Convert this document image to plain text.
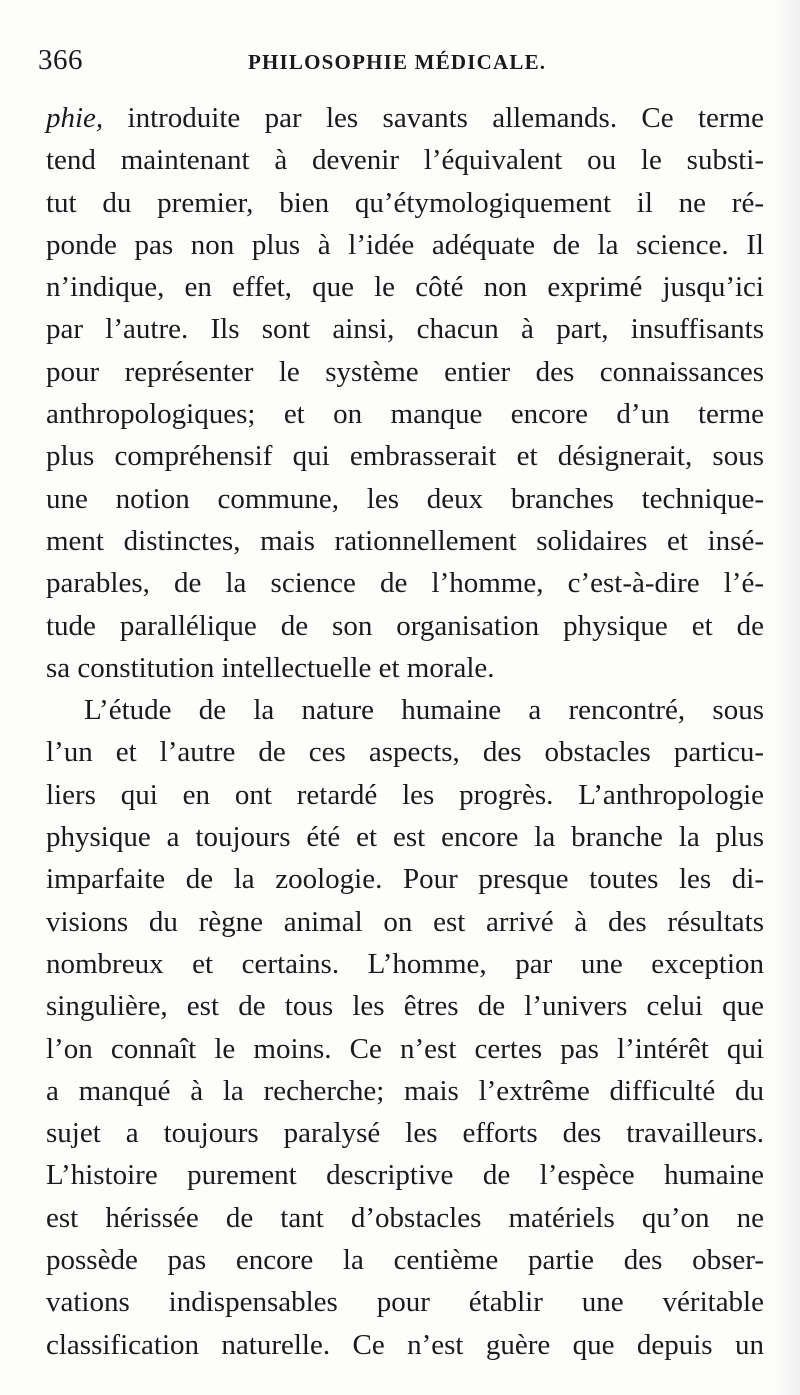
366	PHILOSOPHIE MÉDICALE.
phie, introduite par les savants allemands. Ce terme
tend maintenant à devenir l’équivalent ou le substi-
tut du premier, bien qu’étymologiquement il ne ré-
ponde pas non plus à l’idée adéquate de la science. Il
n’indique, en effet, que le côté non exprimé jusqu’ici
par l’autre. Ils sont ainsi, chacun à part, insuffisants
pour représenter le système entier des connaissances
anthropologiques; et on manque encore d’un terme
plus compréhensif qui embrasserait et désignerait, sous
une notion commune, les deux branches technique-
ment distinctes, mais rationnellement solidaires et insé-
parables, de la science de l’homme, c’est-à-dire l’é-
tude parallélique de son organisation physique et de
sa constitution intellectuelle et morale.
L’étude de la nature humaine a rencontré, sous
l’un et l’autre de ces aspects, des obstacles particu-
liers qui en ont retardé les progrès. L’anthropologie
physique a toujours été et est encore la branche la plus
imparfaite de la zoologie. Pour presque toutes les di-
visions du règne animal on est arrivé à des résultats
nombreux et certains. L’homme, par une exception
singulière, est de tous les êtres de l’univers celui que
l’on connaît le moins. Ce n’est certes pas l’intérêt qui
a manqué à la recherche; mais l’extrême difficulté du
sujet a toujours paralysé les efforts des travailleurs.
L’histoire purement descriptive de l’espèce humaine
est hérissée de tant d’obstacles matériels qu’on ne
possède pas encore la centième partie des obser-
vations indispensables pour établir une véritable
classification naturelle. Ce n’est guère que depuis un
